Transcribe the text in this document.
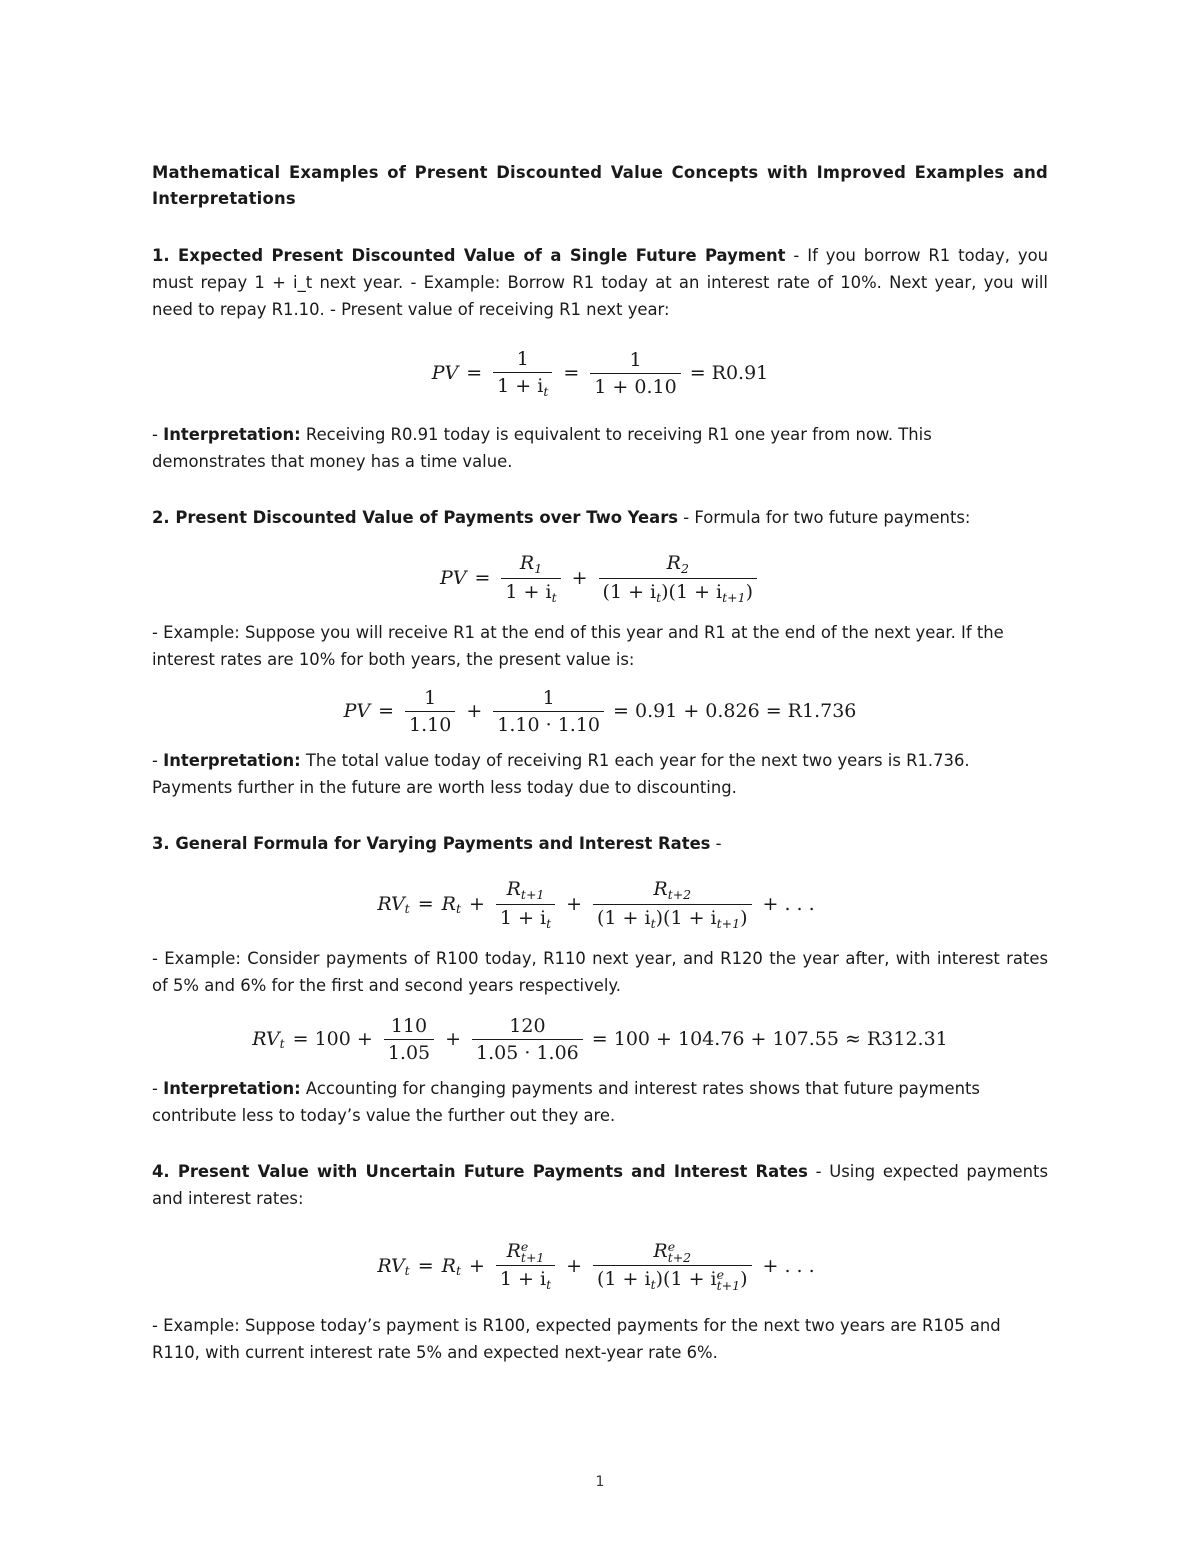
Mathematical Examples of Present Discounted Value Concepts with Improved Examples and Interpretations

1. Expected Present Discounted Value of a Single Future Payment - If you borrow R1 today, you must repay 1 + i_t next year. - Example: Borrow R1 today at an interest rate of 10%. Next year, you will need to repay R1.10. - Present value of receiving R1 next year:

PV = $\frac{1}{1 + i_t} = \frac{1}{1 + 0.10} = R0.91$

- Interpretation: Receiving R0.91 today is equivalent to receiving R1 one year from now. This demonstrates that money has a time value.

2. Present Discounted Value of Payments over Two Years - Formula for two future payments:

PV = $\frac{R_1}{1 + i_t} + \frac{R_2}{(1 + i_t)(1 + i_{t+1})}$

- Example: Suppose you will receive R1 at the end of this year and R1 at the end of the next year. If the interest rates are 10% for both years, the present value is:

PV = $\frac{1}{1.10} + \frac{1}{1.10 \cdot 1.10} = 0.91 + 0.826 = R1.736$

- Interpretation: The total value today of receiving R1 each year for the next two years is R1.736. Payments further in the future are worth less today due to discounting.

3. General Formula for Varying Payments and Interest Rates -

RV t = R $t + \frac{R_{t+1}}{1 + i_t} + \frac{R_{t+2}}{(1 + i_t)(1 + i_{t+1})}$ + . . .

- Example: Consider payments of R100 today, R110 next year, and R120 the year after, with interest rates of 5% and 6% for the first and second years respectively.

RV $t = 100 + \frac{110}{1.05} + \frac{120}{1.05 \cdot 1.06} = 100 + 104.76 + 107.55 \approx R312.31$

- Interpretation: Accounting for changing payments and interest rates shows that future payments contribute less to today’s value the further out they are.

4. Present Value with Uncertain Future Payments and Interest Rates - Using expected payments and interest rates:

RV t = R t + R e
t+1
$1 + i_t + R$ e
t+2
$(1 + i_t)(1 + i$ e
t+1 ) + . . .

- Example: Suppose today’s payment is R100, expected payments for the next two years are R105 and R110, with current interest rate 5% and expected next-year rate 6%.

1
